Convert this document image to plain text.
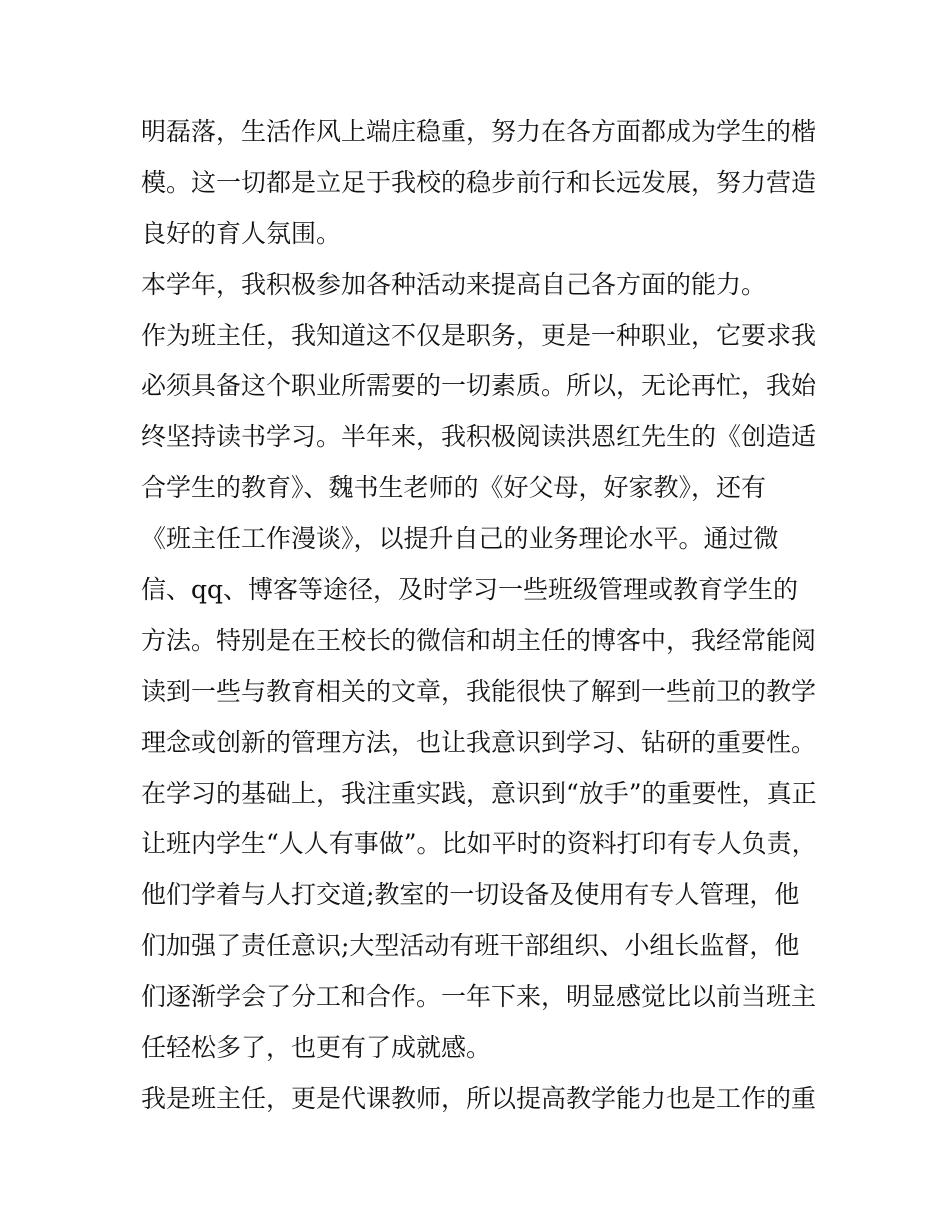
明磊落，生活作风上端庄稳重，努力在各方面都成为学生的楷
模。这一切都是立足于我校的稳步前行和长远发展，努力营造
良好的育人氛围。
本学年，我积极参加各种活动来提高自己各方面的能力。
作为班主任，我知道这不仅是职务，更是一种职业，它要求我
必须具备这个职业所需要的一切素质。所以，无论再忙，我始
终坚持读书学习。半年来，我积极阅读洪恩红先生的《创造适
合学生的教育》、魏书生老师的《好父母，好家教》，还有
《班主任工作漫谈》，以提升自己的业务理论水平。通过微
信、qq、博客等途径，及时学习一些班级管理或教育学生的
方法。特别是在王校长的微信和胡主任的博客中，我经常能阅
读到一些与教育相关的文章，我能很快了解到一些前卫的教学
理念或创新的管理方法，也让我意识到学习、钻研的重要性。
在学习的基础上，我注重实践，意识到“放手”的重要性，真正
让班内学生“人人有事做”。比如平时的资料打印有专人负责，
他们学着与人打交道;教室的一切设备及使用有专人管理，他
们加强了责任意识;大型活动有班干部组织、小组长监督，他
们逐渐学会了分工和合作。一年下来，明显感觉比以前当班主
任轻松多了，也更有了成就感。
我是班主任，更是代课教师，所以提高教学能力也是工作的重
